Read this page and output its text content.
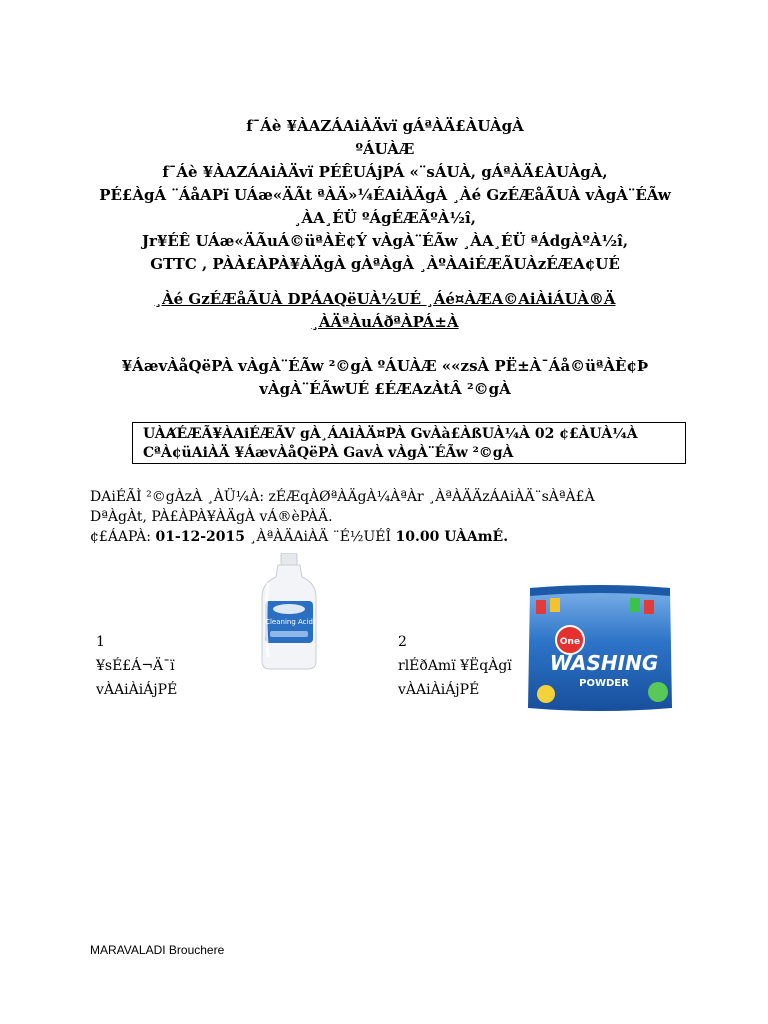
f¯Áè ¥ÀAZÁAiÀÄvï gÁªÀÄ£ÀUÀgÀ
ºÁUÀÆ
f¯Áè ¥ÀAZÁAiÀÄvï PÉÊUÁjPÁ «¨sÁUÀ, gÁªÀÄ£ÀUÀgÀ,
PÉ£ÀgÁ ¨ÁåAPï UÁæ«ÄÃt ªÀÄ»¼ÉAiÀÄgÀ ¸Àé GzÉÆåÃUÀ vÀgÀ¨ÉÃw
¸ÀA¸ÉÜ ºÁgÉÆÃºÀ½î,
Jr¥ÉÊ UÁæ«ÄÃuÁ©üªÀÈ¢Ý vÀgÀ¨ÉÃw ¸ÀA¸ÉÜ ªÁdgÀºÀ½î,
GTTC , PÀÀ£ÀPÀ¥ÀÄgÀ gÀªÀgÀ ¸ÀºÀAiÉÆÃUÀzÉÆA¢UÉ
¸Àé GzÉÆåÃUÀ DPÁAQëUÀ½UÉ ¸Áé¤ÀÆA©AiÀiÁUÀ®Ä
¸ÀÄªÀuÁðªÀPÁ±À
¥ÁævÀåQëPÀ vÀgÀ¨ÉÃw ²©gÀ ºÁUÀÆ ««zsÀ PË±À¯Áå©üªÀÈ¢Þ
vÀgÀ¨ÉÃwUÉ £ÉÆAzÀtÂ ²©gÀ
UÀȺÉÆÃ¥ÀAiÉÆÃV gÀ¸ÁAiÀÄ¤PÀ GvÀà£ÀßUÀ¼À 02 ¢£ÀUÀ¼À
CªÀ¢üAiÀÄ ¥ÁævÀåQëPÀ GavÀ vÀgÀ¨ÉÃw ²©gÀ
DAiÉÃÌ ²©gÀzÀ ¸ÀÜ¼À: zÉÆqÀØªÀÄgÀ¼ÀªÀr ¸ÀªÀÄÄzÁAiÀÄ¨sÀªÀ£À
DªÀgÀt, PÀ£ÀPÀ¥ÀÄgÀ vÁ®èPÀÄ.
¢£ÁAPÀ: 01-12-2015 ¸ÀªÀÄAiÀÄ ¨É½UÉÎ 10.00 UÀAmÉ.
1
¥sÉ£Á¬Ä¯ï
vÀAiÀiÁjPÉ
Cleaning Acid
2
rlÉðAmï ¥ËqÀgï
vÀAiÀiÁjPÉ
One
WASHING
POWDER
MARAVALADI Brouchere
